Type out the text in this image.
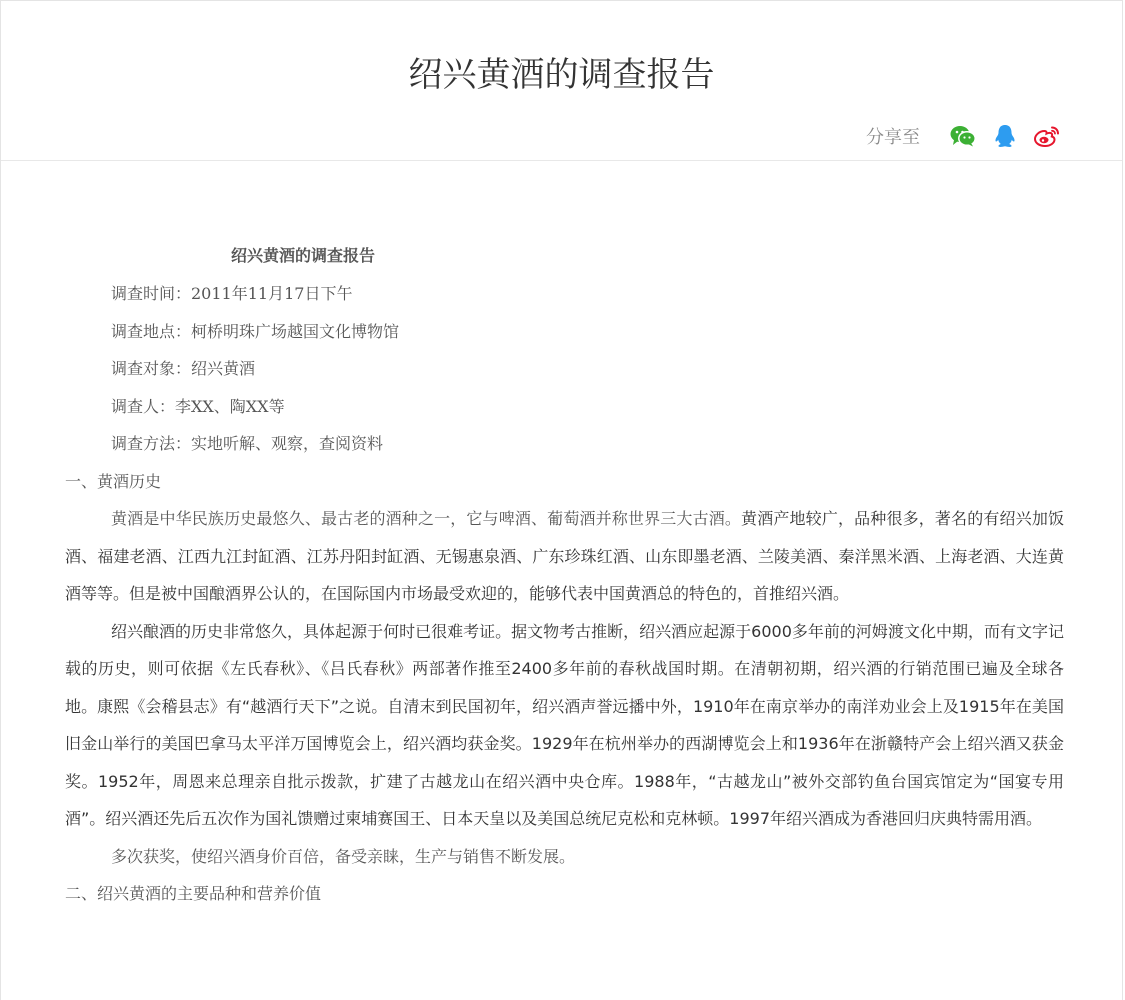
绍兴黄酒的调查报告
分享至

绍兴黄酒的调查报告

调查时间：2011年11月17日下午

调查地点：柯桥明珠广场越国文化博物馆

调查对象：绍兴黄酒

调查人：李XX、陶XX等

调查方法：实地听解、观察，查阅资料

一、黄酒历史

黄酒是中华民族历史最悠久、最古老的酒种之一，它与啤酒、葡萄酒并称世界三大古酒。黄酒产地较广，品种很多，著名的有绍兴加饭酒、福建老酒、江西九江封缸酒、江苏丹阳封缸酒、无锡惠泉酒、广东珍珠红酒、山东即墨老酒、兰陵美酒、秦洋黑米酒、上海老酒、大连黄酒等等。但是被中国酿酒界公认的，在国际国内市场最受欢迎的，能够代表中国黄酒总的特色的，首推绍兴酒。

绍兴酿酒的历史非常悠久，具体起源于何时已很难考证。据文物考古推断，绍兴酒应起源于6000多年前的河姆渡文化中期，而有文字记载的历史，则可依据《左氏春秋》、《吕氏春秋》两部著作推至2400多年前的春秋战国时期。在清朝初期，绍兴酒的行销范围已遍及全球各地。康熙《会稽县志》有“越酒行天下”之说。自清末到民国初年，绍兴酒声誉远播中外，1910年在南京举办的南洋劝业会上及1915年在美国旧金山举行的美国巴拿马太平洋万国博览会上，绍兴酒均获金奖。1929年在杭州举办的西湖博览会上和1936年在浙赣特产会上绍兴酒又获金奖。1952年，周恩来总理亲自批示拨款，扩建了古越龙山在绍兴酒中央仓库。1988年，“古越龙山”被外交部钓鱼台国宾馆定为“国宴专用酒”。绍兴酒还先后五次作为国礼馈赠过柬埔赛国王、日本天皇以及美国总统尼克松和克林顿。1997年绍兴酒成为香港回归庆典特需用酒。

多次获奖，使绍兴酒身价百倍，备受亲睐，生产与销售不断发展。

二、绍兴黄酒的主要品种和营养价值
